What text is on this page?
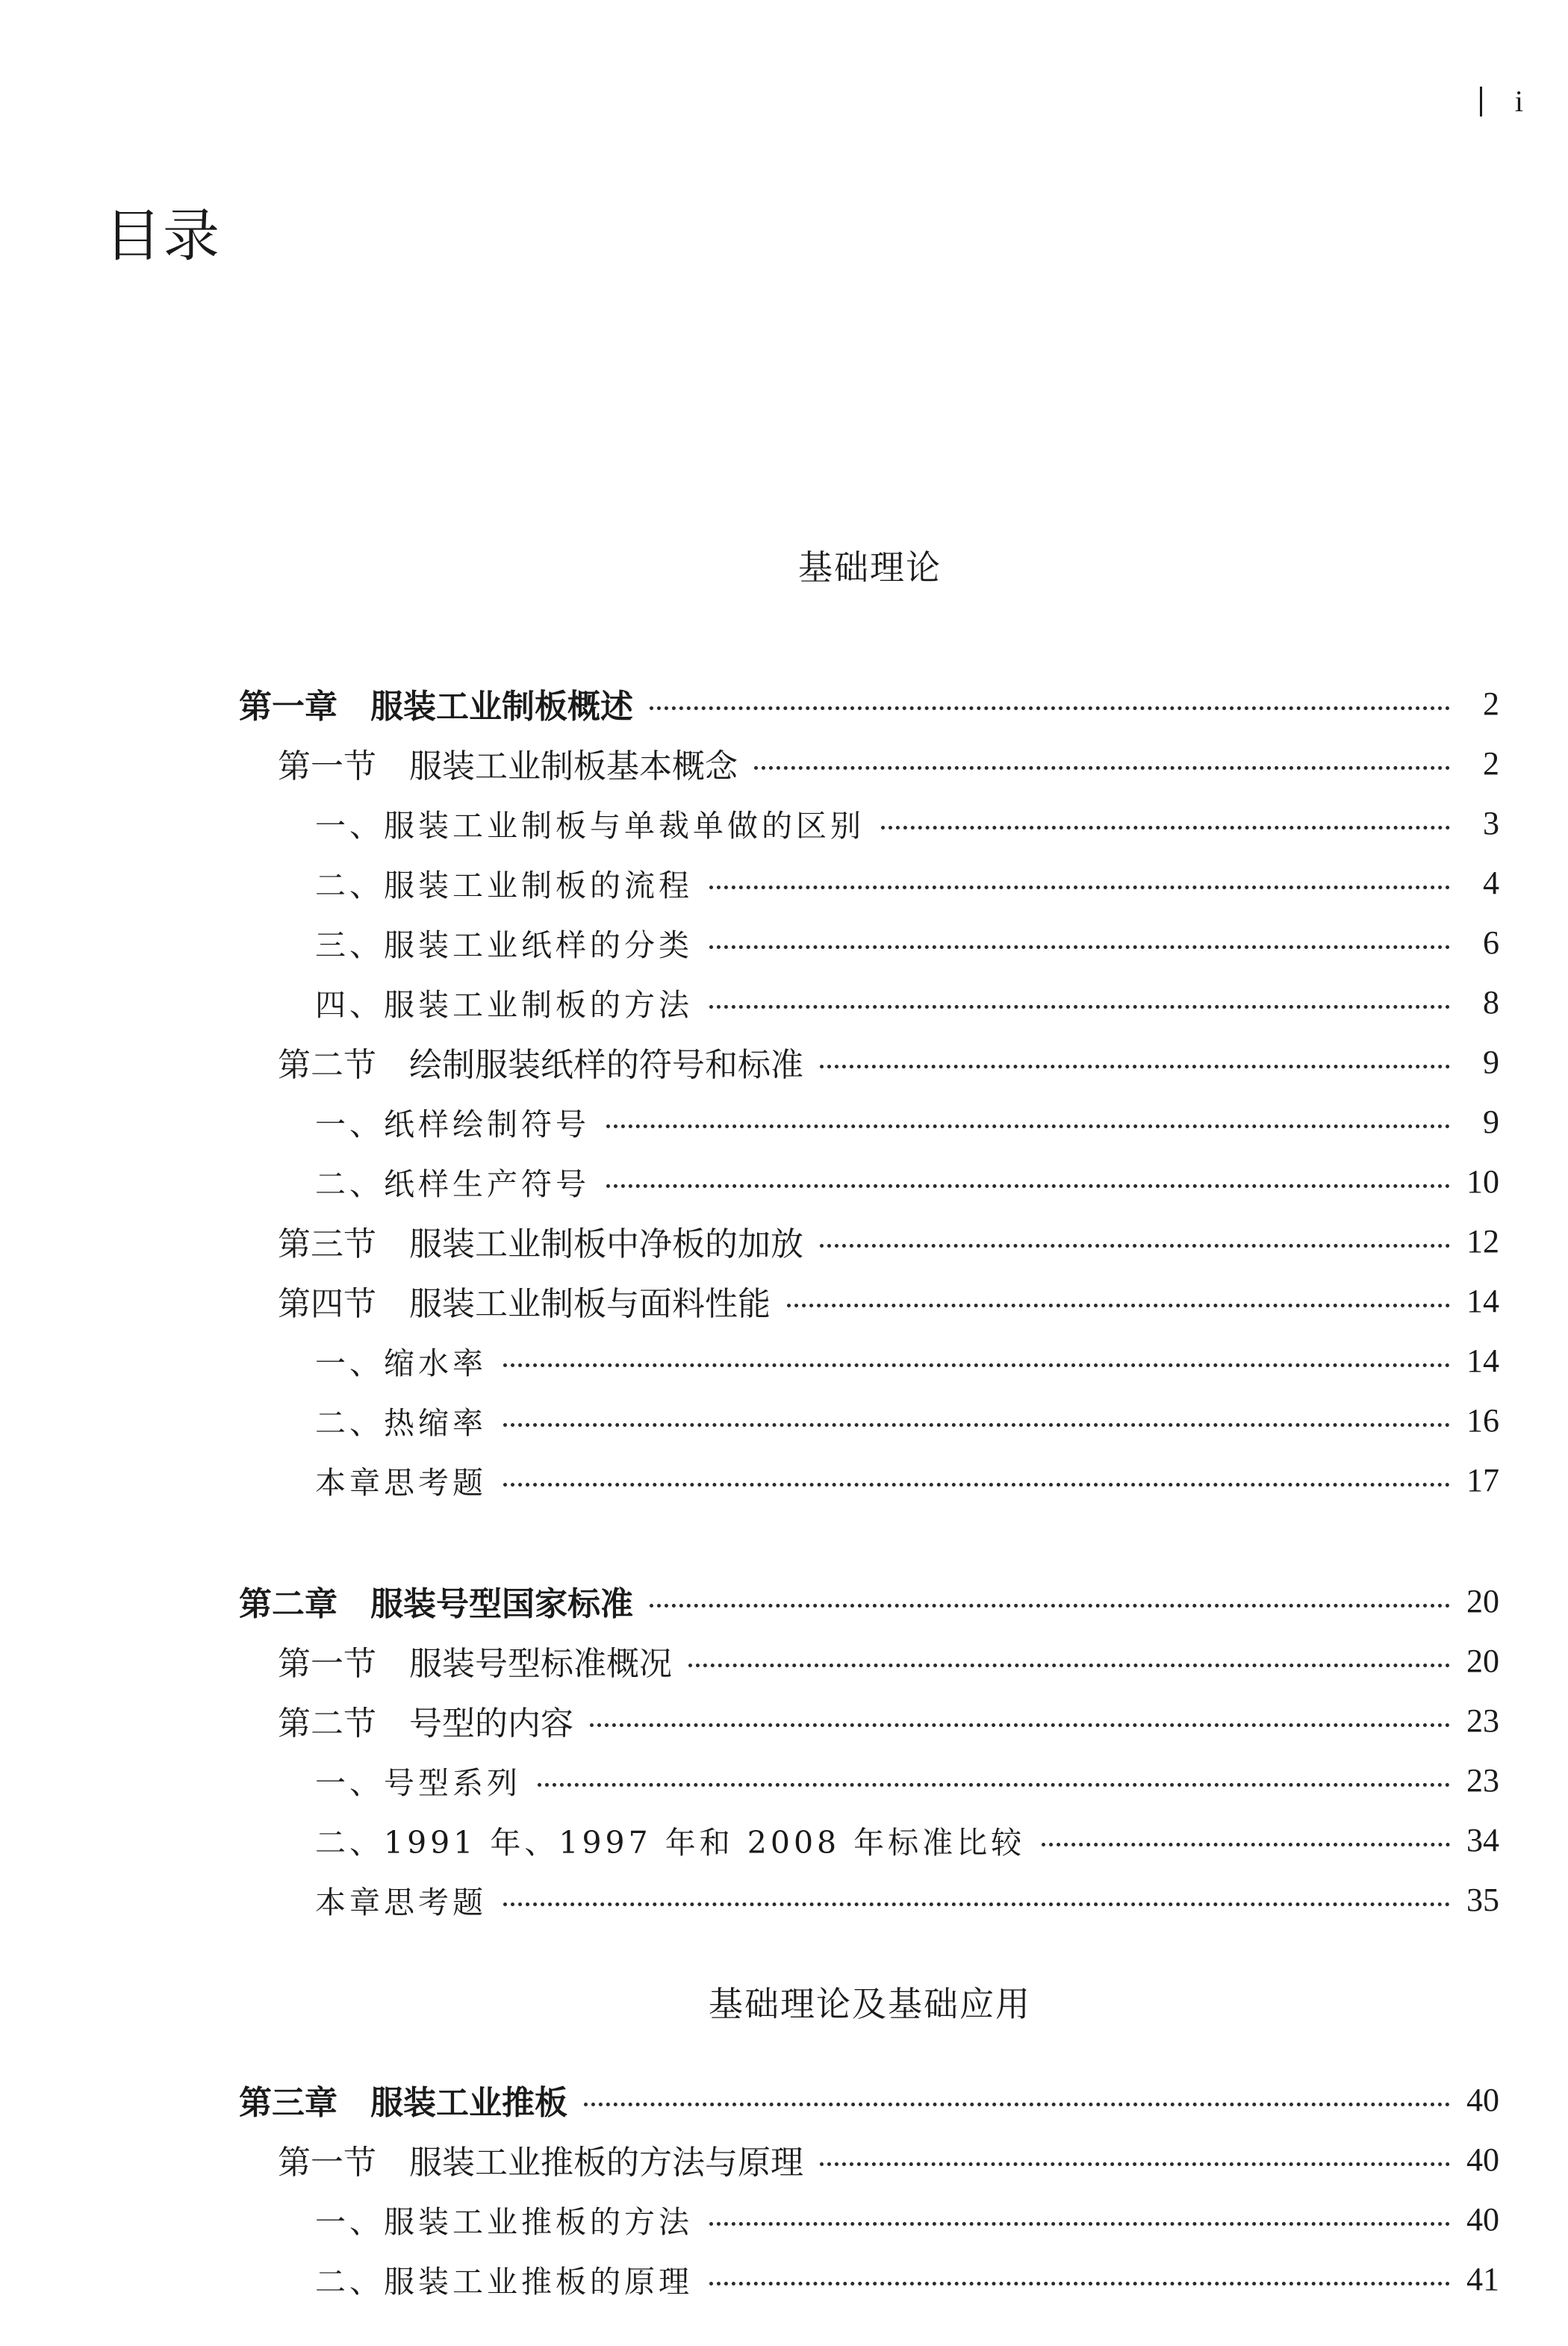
i
目录
基础理论
第一章　服装工业制板概述	2
第一节　服装工业制板基本概念	2
一、服装工业制板与单裁单做的区别	3
二、服装工业制板的流程	4
三、服装工业纸样的分类	6
四、服装工业制板的方法	8
第二节　绘制服装纸样的符号和标准	9
一、纸样绘制符号	9
二、纸样生产符号	10
第三节　服装工业制板中净板的加放	12
第四节　服装工业制板与面料性能	14
一、缩水率	14
二、热缩率	16
本章思考题	17
第二章　服装号型国家标准	20
第一节　服装号型标准概况	20
第二节　号型的内容	23
一、号型系列	23
二、1991 年、1997 年和 2008 年标准比较	34
本章思考题	35
基础理论及基础应用
第三章　服装工业推板	40
第一节　服装工业推板的方法与原理	40
一、服装工业推板的方法	40
二、服装工业推板的原理	41
